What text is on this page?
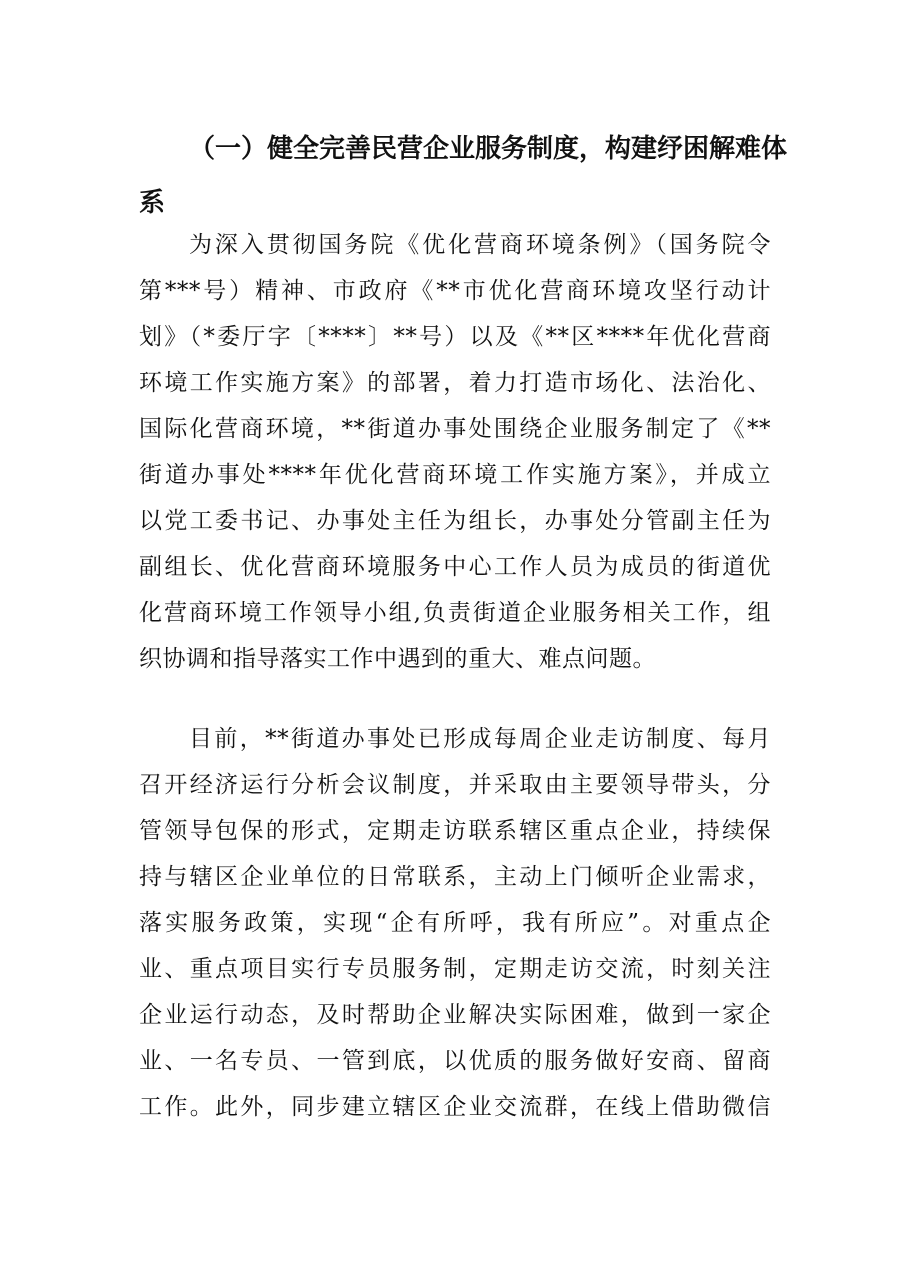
（一）健全完善民营企业服务制度，构建纾困解难体
系
为深入贯彻国务院《优化营商环境条例》（国务院令
第***号）精神、市政府《**市优化营商环境攻坚行动计
划》（*委厅字〔****〕**号）以及《**区****年优化营商
环境工作实施方案》的部署，着力打造市场化、法治化、
国际化营商环境，**街道办事处围绕企业服务制定了《**
街道办事处****年优化营商环境工作实施方案》，并成立
以党工委书记、办事处主任为组长，办事处分管副主任为
副组长、优化营商环境服务中心工作人员为成员的街道优
化营商环境工作领导小组,负责街道企业服务相关工作，组
织协调和指导落实工作中遇到的重大、难点问题。
目前，**街道办事处已形成每周企业走访制度、每月
召开经济运行分析会议制度，并采取由主要领导带头，分
管领导包保的形式，定期走访联系辖区重点企业，持续保
持与辖区企业单位的日常联系，主动上门倾听企业需求，
落实服务政策，实现“企有所呼，我有所应”。对重点企
业、重点项目实行专员服务制，定期走访交流，时刻关注
企业运行动态，及时帮助企业解决实际困难，做到一家企
业、一名专员、一管到底，以优质的服务做好安商、留商
工作。此外，同步建立辖区企业交流群，在线上借助微信
